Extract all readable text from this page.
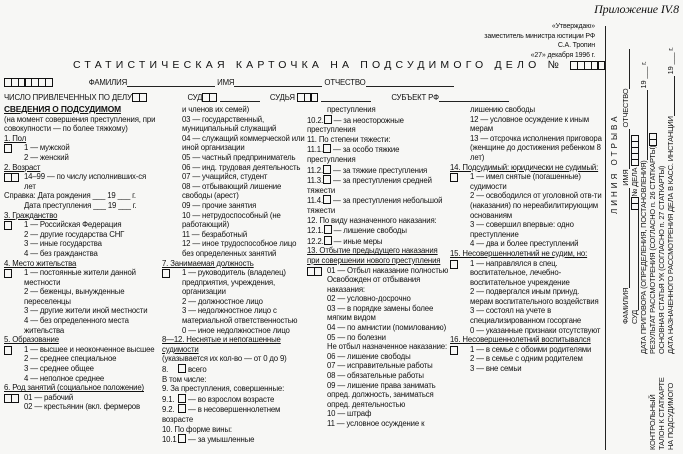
Приложение IV.8
«Утверждаю»
заместитель министра юстиции РФ
С.А. Тропин
«27» декабря 1996 г.
СТАТИСТИЧЕСКАЯ КАРТОЧКА НА ПОДСУДИМОГО ДЕЛО №
ФАМИЛИЯ	ИМЯ	ОТЧЕСТВО
ЧИСЛО ПРИВЛЕЧЕННЫХ ПО ДЕЛУ	СУД	СУДЬЯ	СУБЪЕКТ РФ
СВЕДЕНИЯ О ПОДСУДИМОМ
(на момент совершения преступления, при совокупности — по более тяжкому)
1. Пол
1 — мужской
2 — женский
2. Возраст
14–99 — по числу исполнивших-ся лет
Справка: Дата рождения ___ 19 ___ г.
Дата преступления ___ 19 ___ г.
3. Гражданство
1 — Российская Федерация
2 — другие государства СНГ
3 — иные государства
4 — без гражданства
4. Место жительства
1 — постоянные жители данной местности
2 — беженцы, вынужденные переселенцы
3 — другие жители иной местности
4 — без определенного места жительства
5. Образование
1 — высшее и неоконченное высшее
2 — среднее специальное
3 — среднее общее
4 — неполное среднее
6. Род занятий (социальное положение)
01 — рабочий
02 — крестьянин (вкл. фермеров
и членов их семей)
03 — государственный, муниципальный служащий
04 — служащий коммерческой или иной организации
05 — частный предприниматель
06 — инд. трудовая деятельность
07 — учащийся, студент
08 — отбывающий лишение свободы (арест)
09 — прочие занятия
10 — нетрудоспособный (не работающий)
11 — безработный
12 — иное трудоспособное лицо без определенных занятий
7. Занимаемая должность
1 — руководитель (владелец) предприятия, учреждения, организации
2 — должностное лицо
3 — недолжностное лицо с материальной ответственностью
0 — иное недолжностное лицо
8—12. Неснятые и непогашенные судимости
(указывается их кол-во — от 0 до 9)
8.	всего
В том числе:
9. За преступления, совершенные:
9.1. — во взрослом возрасте
9.2. — в несовершеннолетнем возрасте
10. По форме вины:
10.1 — за умышленные
преступления
10.2. — за неосторожные преступления
11. По степени тяжести:
11.1. — за особо тяжкие преступления
11.2. — за тяжкие преступления
11.3. — за преступления средней тяжести
11.4. — за преступления небольшой тяжести
12. По виду назначенного наказания:
12.1. — лишение свободы
12.2. — иные меры
13. Отбытие предыдущего наказания при совершении нового преступления
01 — Отбыл наказание полностью
Освобожден от отбывания наказания:
02 — условно-досрочно
03 — в порядке замены более мягким видом
04 — по амнистии (помилованию)
05 — по болезни
Не отбыл назначенное наказание:
06 — лишение свободы
07 — исправительные работы
08 — обязательные работы
09 — лишение права занимать опред. должность, заниматься опред. деятельностью
10 — штраф
11 — условное осуждение к
лишению свободы
12 — условное осуждение к иным мерам
13 — отсрочка исполнения приговора (женщине до достижения ребенком 8 лет)
14. Подсудимый: юридически не судимый:
1 — имел снятые (погашенные) судимости
2 — освободился от уголовной отв-ти (наказания) по нереабилитирующим основаниям
3 — совершил впервые: одно преступление
4 — два и более преступлений
15. Несовершеннолетний не судим, но:
1 — направлялся в спец. воспитательное, лечебно-воспитательное учреждение
2 — подвергался иным принуд. мерам воспитательного воздействия
3 — состоял на учете в специализированном госоргане
0 — указанные признаки отсутствуют
16. Несовершеннолетний воспитывался
1 — в семье с обоими родителями
2 — в семье с одним родителем
3 — вне семьи
ЛИНИЯ ОТРЫВА
КОНТРОЛЬНЫЙ ТАЛОН К СТАТКАРТЕ НА ПОДСУДИМОГО
ФАМИЛИЯ ИМЯ ОТЧЕСТВО
СУД № ДЕЛА ДАТА ПРИГОВОРА (ОПРЕДЕЛЕНИЯ, ПОСТАНОВЛЕНИЯ) 19 ___ г.
РЕЗУЛЬТАТ РАССМОТРЕНИЯ (СОГЛАСНО п. 26 СТАТКАРТЫ) ОСНОВНАЯ СТАТЬЯ УК (СОГЛАСНО п. 27 СТАТКАРТЫ) ДАТА НАЗНАЧЕННОГО РАССМОТРЕНИЯ ДЕЛА В КАСС. ИНСТАНЦИИ 19 ___ г.
